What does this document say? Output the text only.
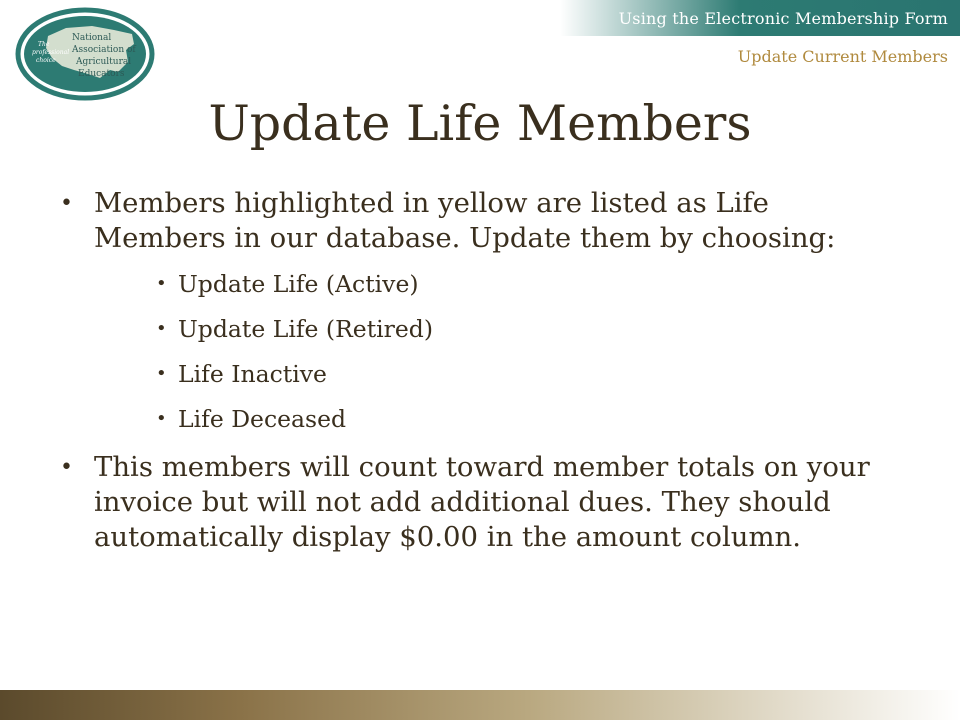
Using the Electronic Membership Form
Update Current Members
The
professional
choice
National
Association of
Agricultural
Educators
Update Life Members
• Members highlighted in yellow are listed as Life Members in our database. Update them by choosing:
• Update Life (Active)
• Update Life (Retired)
• Life Inactive
• Life Deceased
• This members will count toward member totals on your invoice but will not add additional dues. They should automatically display $0.00 in the amount column.
